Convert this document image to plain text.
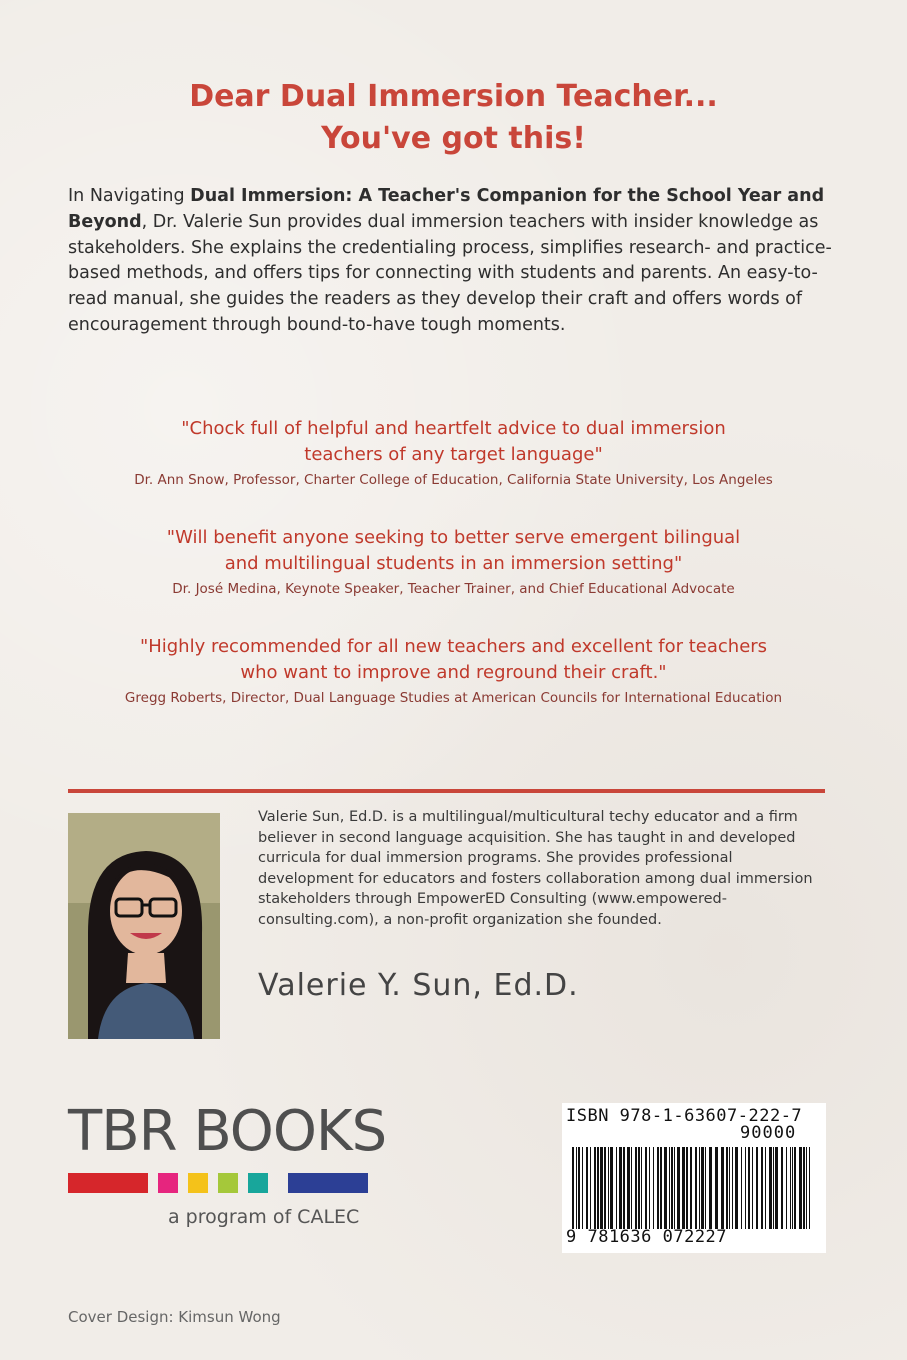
Dear Dual Immersion Teacher...
You've got this!
In Navigating Dual Immersion: A Teacher's Companion for the School Year and Beyond, Dr. Valerie Sun provides dual immersion teachers with insider knowledge as stakeholders. She explains the credentialing process, simplifies research- and practice-based methods, and offers tips for connecting with students and parents. An easy-to-read manual, she guides the readers as they develop their craft and offers words of encouragement through bound-to-have tough moments.
"Chock full of helpful and heartfelt advice to dual immersion
teachers of any target language"
Dr. Ann Snow, Professor, Charter College of Education, California State University, Los Angeles
"Will benefit anyone seeking to better serve emergent bilingual
and multilingual students in an immersion setting"
Dr. José Medina, Keynote Speaker, Teacher Trainer, and Chief Educational Advocate
"Highly recommended for all new teachers and excellent for teachers
who want to improve and reground their craft."
Gregg Roberts, Director, Dual Language Studies at American Councils for International Education
Valerie Sun, Ed.D. is a multilingual/multicultural techy educator and a firm believer in second language acquisition. She has taught in and developed curricula for dual immersion programs. She provides professional development for educators and fosters collaboration among dual immersion stakeholders through EmpowerED Consulting (www.empowered-consulting.com), a non-profit organization she founded.
Valerie Y. Sun, Ed.D.
TBR BOOKS
a program of CALEC
ISBN 978-1-63607-222-7
90000
9 781636 072227
Cover Design: Kimsun Wong
